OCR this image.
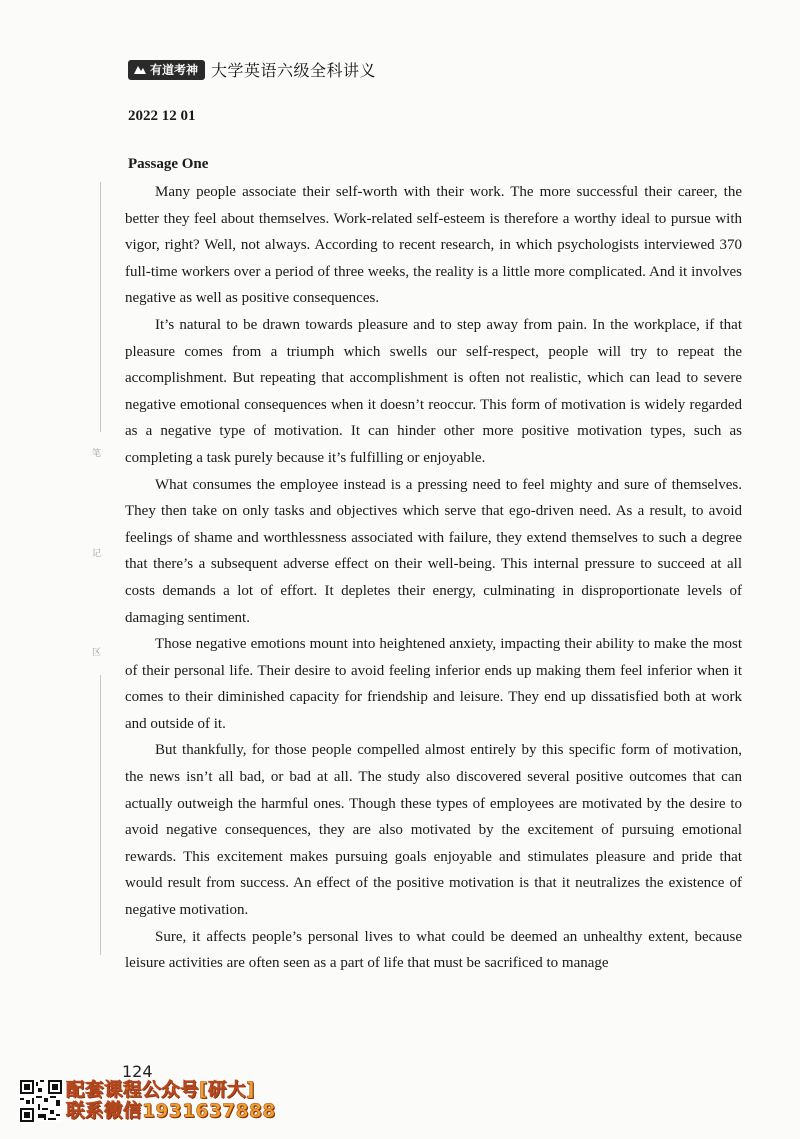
有道考神 大学英语六级全科讲义
2022 12 01
Passage One
笔
记
区

Many people associate their self-worth with their work. The more successful their career, the better they feel about themselves. Work-related self-esteem is therefore a worthy ideal to pursue with vigor, right? Well, not always. According to recent research, in which psychologists interviewed 370 full-time workers over a period of three weeks, the reality is a little more complicated. And it involves negative as well as positive consequences.

It’s natural to be drawn towards pleasure and to step away from pain. In the workplace, if that pleasure comes from a triumph which swells our self-respect, people will try to repeat the accomplishment. But repeating that accomplishment is often not realistic, which can lead to severe negative emotional consequences when it doesn’t reoccur. This form of motivation is widely regarded as a negative type of motivation. It can hinder other more positive motivation types, such as completing a task purely because it’s fulfilling or enjoyable.

What consumes the employee instead is a pressing need to feel mighty and sure of themselves. They then take on only tasks and objectives which serve that ego-driven need. As a result, to avoid feelings of shame and worthlessness associated with failure, they extend themselves to such a degree that there’s a subsequent adverse effect on their well-being. This internal pressure to succeed at all costs demands a lot of effort. It depletes their energy, culminating in disproportionate levels of damaging sentiment.

Those negative emotions mount into heightened anxiety, impacting their ability to make the most of their personal life. Their desire to avoid feeling inferior ends up making them feel inferior when it comes to their diminished capacity for friendship and leisure. They end up dissatisfied both at work and outside of it.

But thankfully, for those people compelled almost entirely by this specific form of motivation, the news isn’t all bad, or bad at all. The study also discovered several positive outcomes that can actually outweigh the harmful ones. Though these types of employees are motivated by the desire to avoid negative consequences, they are also motivated by the excitement of pursuing emotional rewards. This excitement makes pursuing goals enjoyable and stimulates pleasure and pride that would result from success. An effect of the positive motivation is that it neutralizes the existence of negative motivation.

Sure, it affects people’s personal lives to what could be deemed an unhealthy extent, because leisure activities are often seen as a part of life that must be sacrificed to manage

124
配套课程公众号[研大]
联系微信1931637888
